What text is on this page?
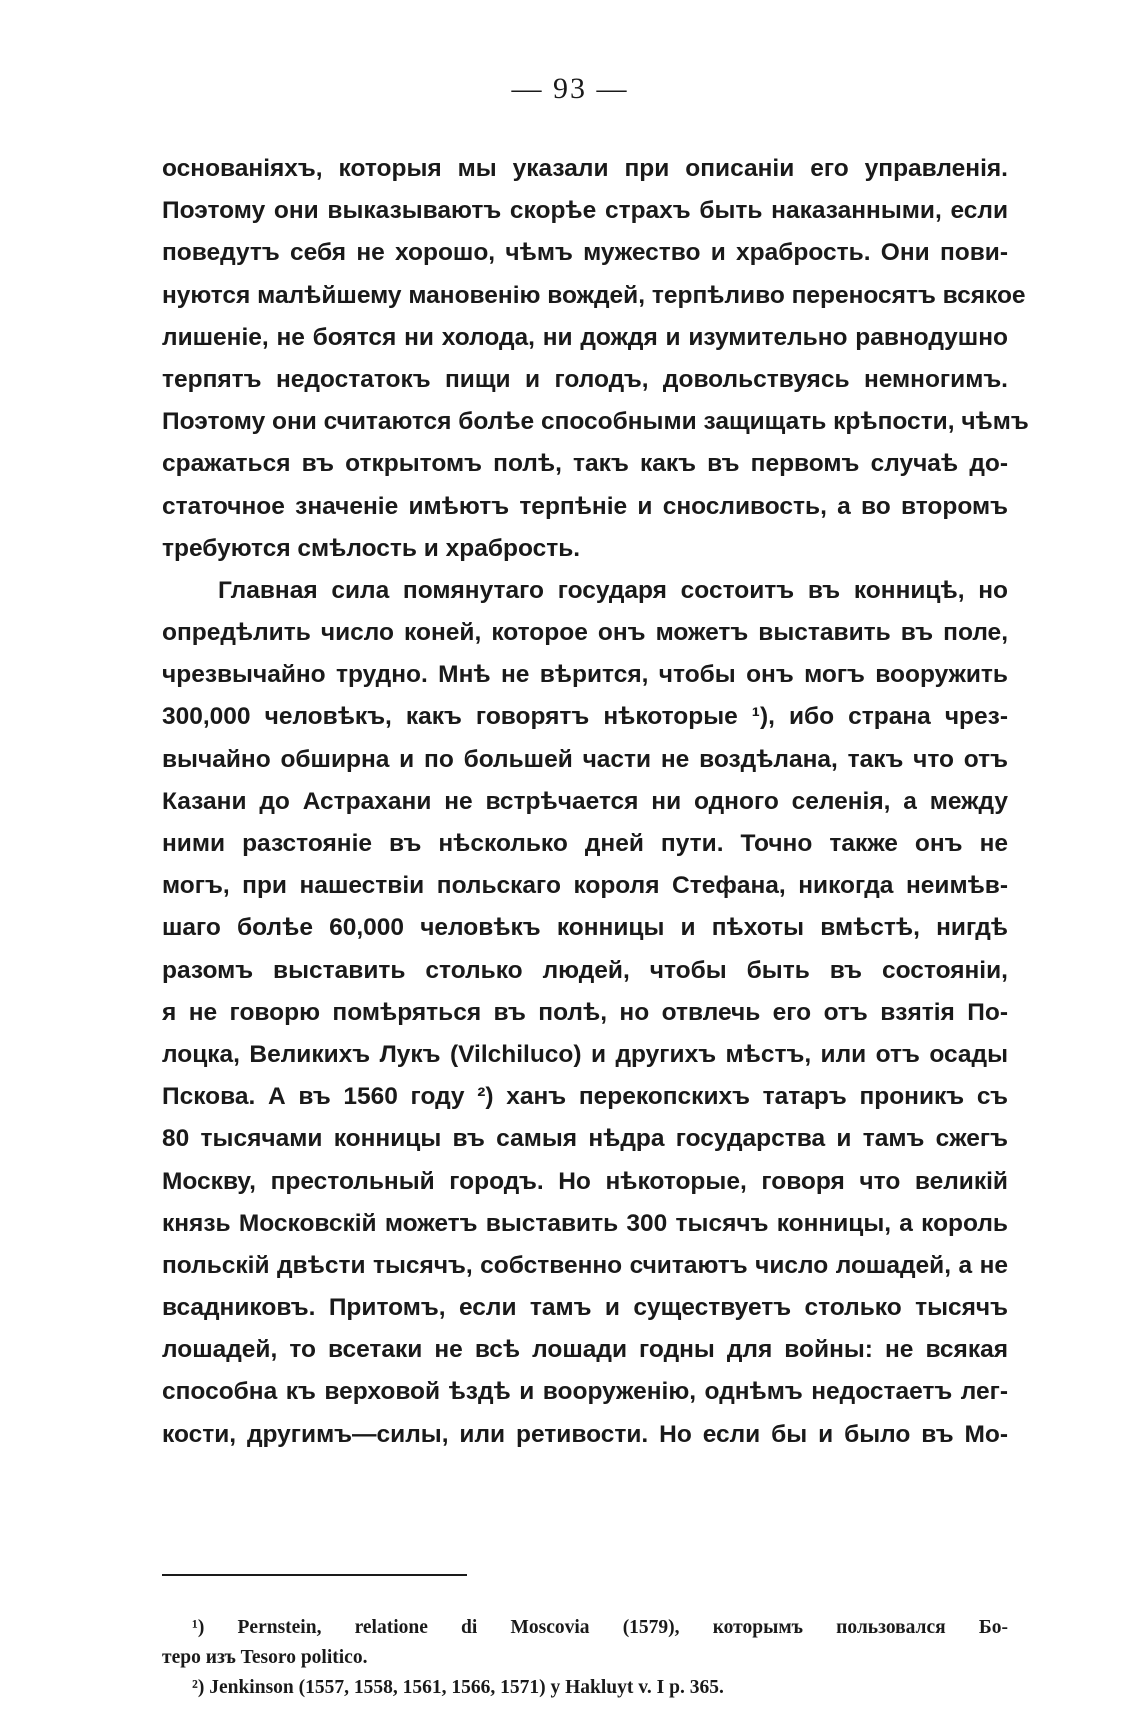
— 93 —
основаніяхъ, которыя мы указали при описаніи его управленія.
Поэтому они выказываютъ скорѣе страхъ быть наказанными, если
поведутъ себя не хорошо, чѣмъ мужество и храбрость. Они пови-
нуются малѣйшему мановенію вождей, терпѣливо переносятъ всякое
лишеніе, не боятся ни холода, ни дождя и изумительно равнодушно
терпятъ недостатокъ пищи и голодъ, довольствуясь немногимъ.
Поэтому они считаются болѣе способными защищать крѣпости, чѣмъ
сражаться въ открытомъ полѣ, такъ какъ въ первомъ случаѣ до-
статочное значеніе имѣютъ терпѣніе и сносливость, а во второмъ
требуются смѣлость и храбрость.
Главная сила помянутаго государя состоитъ въ конницѣ, но
опредѣлить число коней, которое онъ можетъ выставить въ поле,
чрезвычайно трудно. Мнѣ не вѣрится, чтобы онъ могъ вооружить
300,000 человѣкъ, какъ говорятъ нѣкоторые ¹), ибо страна чрез-
вычайно обширна и по большей части не воздѣлана, такъ что отъ
Казани до Астрахани не встрѣчается ни одного селенія, а между
ними разстояніе въ нѣсколько дней пути. Точно также онъ не
могъ, при нашествіи польскаго короля Стефана, никогда неимѣв-
шаго болѣе 60,000 человѣкъ конницы и пѣхоты вмѣстѣ, нигдѣ
разомъ выставить столько людей, чтобы быть въ состояніи,
я не говорю помѣряться въ полѣ, но отвлечь его отъ взятія По-
лоцка, Великихъ Лукъ (Vilchiluco) и другихъ мѣстъ, или отъ осады
Пскова. А въ 1560 году ²) ханъ перекопскихъ татаръ проникъ съ
80 тысячами конницы въ самыя нѣдра государства и тамъ сжегъ
Москву, престольный городъ. Но нѣкоторые, говоря что великій
князь Московскій можетъ выставить 300 тысячъ конницы, а король
польскій двѣсти тысячъ, собственно считаютъ число лошадей, а не
всадниковъ. Притомъ, если тамъ и существуетъ столько тысячъ
лошадей, то всетаки не всѣ лошади годны для войны: не всякая
способна къ верховой ѣздѣ и вооруженію, однѣмъ недостаетъ лег-
кости, другимъ—силы, или ретивости. Но если бы и было въ Мо-
¹) Pernstein, relatione di Moscovia (1579), которымъ пользовался Бо-
теро изъ Tesoro politico.
²) Jenkinson (1557, 1558, 1561, 1566, 1571) у Hakluyt v. I p. 365.
